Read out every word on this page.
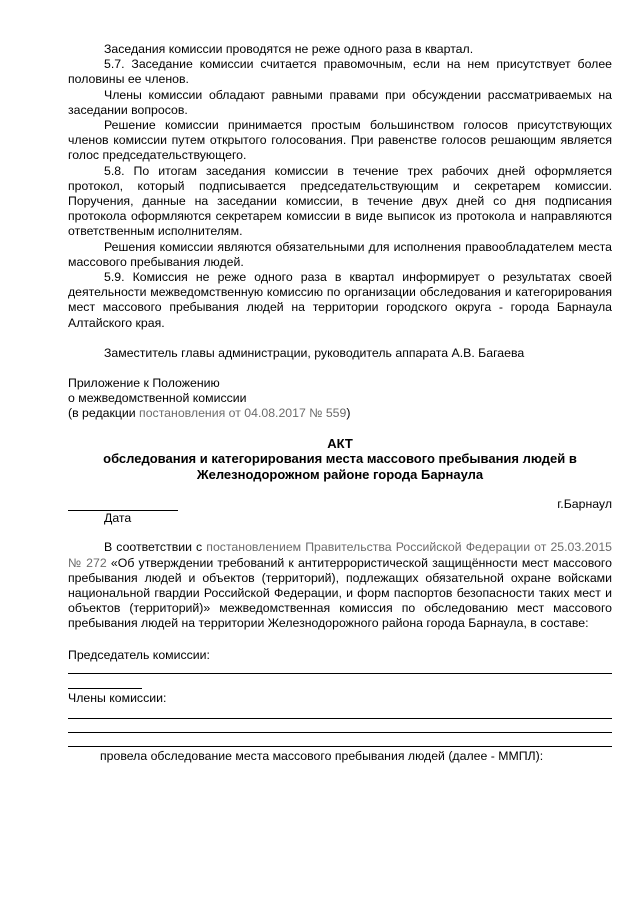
Заседания комиссии проводятся не реже одного раза в квартал.

5.7. Заседание комиссии считается правомочным, если на нем присутствует более половины ее членов.

Члены комиссии обладают равными правами при обсуждении рассматриваемых на заседании вопросов.

Решение комиссии принимается простым большинством голосов присутствующих членов комиссии путем открытого голосования. При равенстве голосов решающим является голос председательствующего.

5.8. По итогам заседания комиссии в течение трех рабочих дней оформляется протокол, который подписывается председательствующим и секретарем комиссии. Поручения, данные на заседании комиссии, в течение двух дней со дня подписания протокола оформляются секретарем комиссии в виде выписок из протокола и направляются ответственным исполнителям.

Решения комиссии являются обязательными для исполнения правообладателем места массового пребывания людей.

5.9. Комиссия не реже одного раза в квартал информирует о результатах своей деятельности межведомственную комиссию по организации обследования и категорирования мест массового пребывания людей на территории городского округа - города Барнаула Алтайского края.

Заместитель главы администрации, руководитель аппарата А.В. Багаева

Приложение к Положению

о межведомственной комиссии

(в редакции постановления от 04.08.2017 № 559)

АКТ

обследования и категорирования места массового пребывания людей в

Железнодорожном районе города Барнаула

г.Барнаул

Дата

В соответствии с постановлением Правительства Российской Федерации от 25.03.2015 № 272 «Об утверждении требований к антитеррористической защищённости мест массового пребывания людей и объектов (территорий), подлежащих обязательной охране войсками национальной гвардии Российской Федерации, и форм паспортов безопасности таких мест и объектов (территорий)» межведомственная комиссия по обследованию мест массового пребывания людей на территории Железнодорожного района города Барнаула, в составе:

Председатель комиссии:

Члены комиссии:

провела обследование места массового пребывания людей (далее - ММПЛ):
